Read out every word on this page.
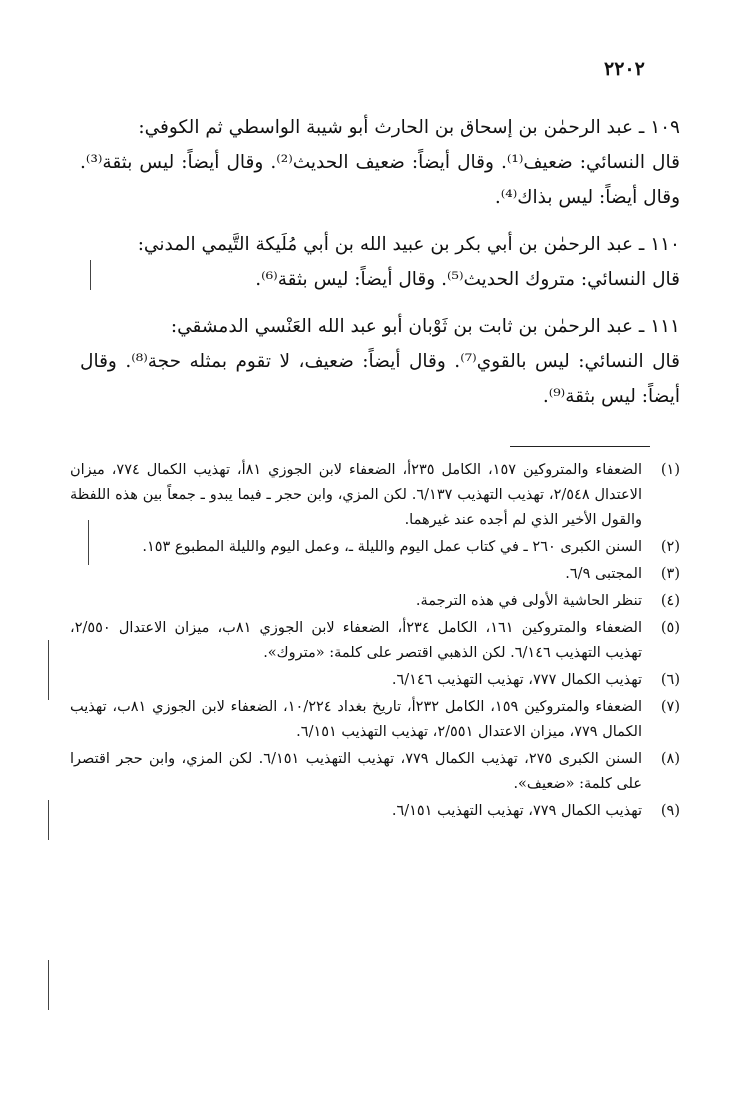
٢٢٠٢

١٠٩ ـ عبد الرحمٰن بن إسحاق بن الحارث أبو شيبة الواسطي ثم الكوفي:

قال النسائي: ضعيف⁽¹⁾. وقال أيضاً: ضعيف الحديث⁽²⁾. وقال أيضاً: ليس بثقة⁽³⁾. وقال أيضاً: ليس بذاك⁽⁴⁾.

١١٠ ـ عبد الرحمٰن بن أبي بكر بن عبيد الله بن أبي مُلَيكة التَّيمي المدني:

قال النسائي: متروك الحديث⁽⁵⁾. وقال أيضاً: ليس بثقة⁽⁶⁾.

١١١ ـ عبد الرحمٰن بن ثابت بن ثَوْبان أبو عبد الله العَنْسي الدمشقي:

قال النسائي: ليس بالقوي⁽⁷⁾. وقال أيضاً: ضعيف، لا تقوم بمثله حجة⁽⁸⁾. وقال أيضاً: ليس بثقة⁽⁹⁾.

(١)
الضعفاء والمتروكين ١٥٧، الكامل ٢٣٥أ، الضعفاء لابن الجوزي ٨١أ، تهذيب الكمال ٧٧٤، ميزان الاعتدال ٢/٥٤٨، تهذيب التهذيب ٦/١٣٧. لكن المزي، وابن حجر ـ فيما يبدو ـ جمعاً بين هذه اللفظة والقول الأخير الذي لم أجده عند غيرهما.
(٢)
السنن الكبرى ٢٦٠ ـ في كتاب عمل اليوم والليلة ـ، وعمل اليوم والليلة المطبوع ١٥٣.
(٣)
المجتبى ٦/٩.
(٤)
تنظر الحاشية الأولى في هذه الترجمة.
(٥)
الضعفاء والمتروكين ١٦١، الكامل ٢٣٤أ، الضعفاء لابن الجوزي ٨١ب، ميزان الاعتدال ٢/٥٥٠، تهذيب التهذيب ٦/١٤٦. لكن الذهبي اقتصر على كلمة: «متروك».
(٦)
تهذيب الكمال ٧٧٧، تهذيب التهذيب ٦/١٤٦.
(٧)
الضعفاء والمتروكين ١٥٩، الكامل ٢٣٢أ، تاريخ بغداد ١٠/٢٢٤، الضعفاء لابن الجوزي ٨١ب، تهذيب الكمال ٧٧٩، ميزان الاعتدال ٢/٥٥١، تهذيب التهذيب ٦/١٥١.
(٨)
السنن الكبرى ٢٧٥، تهذيب الكمال ٧٧٩، تهذيب التهذيب ٦/١٥١. لكن المزي، وابن حجر اقتصرا على كلمة: «ضعيف».
(٩)
تهذيب الكمال ٧٧٩، تهذيب التهذيب ٦/١٥١.
